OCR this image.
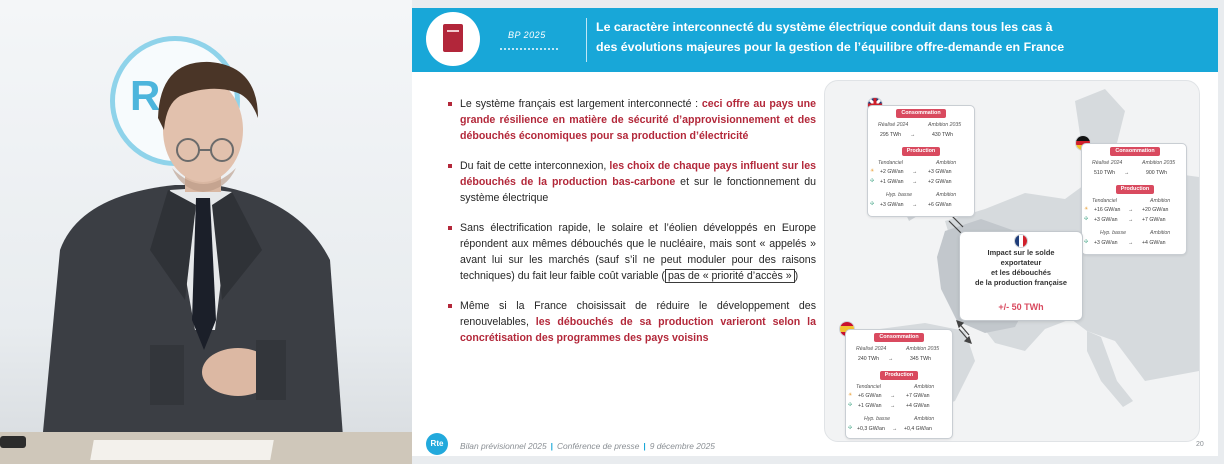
R
BP 2025
Le caractère interconnecté du système électrique conduit dans tous les cas à
des évolutions majeures pour la gestion de l’équilibre offre-demande en France
Le système français est largement interconnecté : ceci offre au pays une grande résilience en matière de sécurité d’approvisionnement et des débouchés économiques pour sa production d’électricité
Du fait de cette interconnexion, les choix de chaque pays influent sur les débouchés de la production bas-carbone et sur le fonctionnement du système électrique
Sans électrification rapide, le solaire et l’éolien développés en Europe répondent aux mêmes débouchés que le nucléaire, mais sont « appelés » avant lui sur les marchés (sauf s’il ne peut moduler pour des raisons techniques) du fait leur faible coût variable ( pas de « priorité d’accès » )
Même si la France choisissait de réduire le développement des renouvelables, les débouchés de sa production varieront selon la concrétisation des programmes des pays voisins
Consommation
Réalisé 2024	Ambition 2035
295 TWh →	430 TWh
Production
Tendanciel	Ambition
☀ +2 GW/an → +3 GW/an
✣ +1 GW/an → +2 GW/an
Hyp. basse	Ambition
✣ +3 GW/an → +6 GW/an
Consommation
Réalisé 2024	Ambition 2035
510 TWh →	900 TWh
Production
Tendanciel	Ambition
☀ +16 GW/an → +20 GW/an
✣ +3 GW/an → +7 GW/an
Hyp. basse	Ambition
✣ +3 GW/an → +4 GW/an
Impact sur le solde
exportateur
et les débouchés
de la production française
+/- 50 TWh
Consommation
Réalisé 2024	Ambition 2035
240 TWh →	345 TWh
Production
Tendanciel	Ambition
☀ +6 GW/an → +7 GW/an
✣ +1 GW/an → +4 GW/an
Hyp. basse	Ambition
✣ +0,3 GW/an → +0,4 GW/an
Rte	Bilan prévisionnel 2025 | Conférence de presse | 9 décembre 2025	20
